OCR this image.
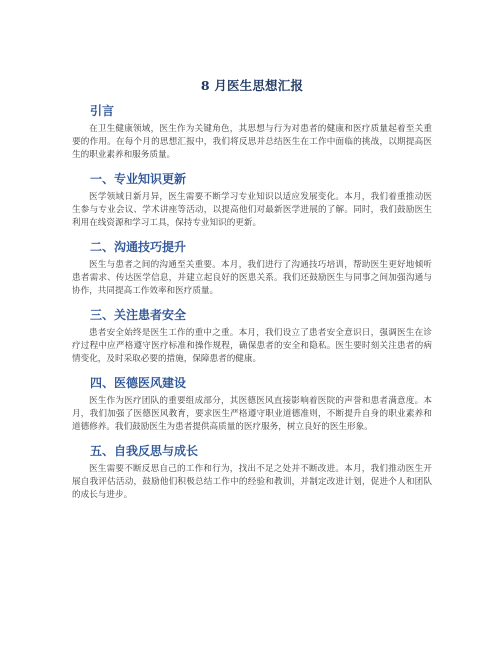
8 月医生思想汇报
引言

在卫生健康领域，医生作为关键角色，其思想与行为对患者的健康和医疗质量起着至关重要的作用。在每个月的思想汇报中，我们将反思并总结医生在工作中面临的挑战，以期提高医生的职业素养和服务质量。

一、专业知识更新

医学领域日新月异，医生需要不断学习专业知识以适应发展变化。本月，我们着重推动医生参与专业会议、学术讲座等活动，以提高他们对最新医学进展的了解。同时，我们鼓励医生利用在线资源和学习工具，保持专业知识的更新。

二、沟通技巧提升

医生与患者之间的沟通至关重要。本月，我们进行了沟通技巧培训，帮助医生更好地倾听患者需求、传达医学信息，并建立起良好的医患关系。我们还鼓励医生与同事之间加强沟通与协作，共同提高工作效率和医疗质量。

三、关注患者安全

患者安全始终是医生工作的重中之重。本月，我们设立了患者安全意识日，强调医生在诊疗过程中应严格遵守医疗标准和操作规程，确保患者的安全和隐私。医生要时刻关注患者的病情变化，及时采取必要的措施，保障患者的健康。

四、医德医风建设

医生作为医疗团队的重要组成部分，其医德医风直接影响着医院的声誉和患者满意度。本月，我们加强了医德医风教育，要求医生严格遵守职业道德准则，不断提升自身的职业素养和道德修养。我们鼓励医生为患者提供高质量的医疗服务，树立良好的医生形象。

五、自我反思与成长

医生需要不断反思自己的工作和行为，找出不足之处并不断改进。本月，我们推动医生开展自我评估活动，鼓励他们积极总结工作中的经验和教训，并制定改进计划，促进个人和团队的成长与进步。
